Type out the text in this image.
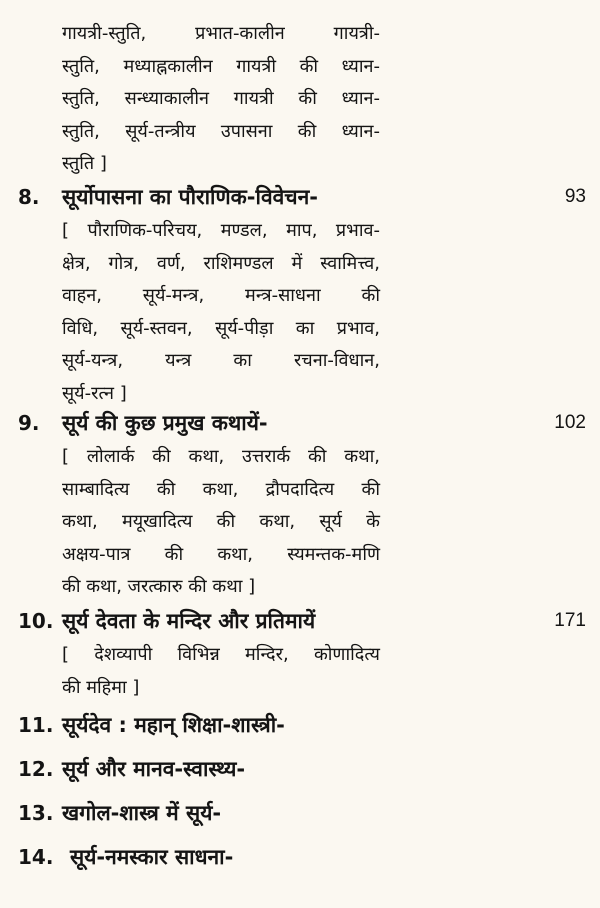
गायत्री-स्तुति, प्रभात-कालीन गायत्री-
स्तुति, मध्याह्नकालीन गायत्री की ध्यान-
स्तुति, सन्ध्याकालीन गायत्री की ध्यान-
स्तुति, सूर्य-तन्त्रीय उपासना की ध्यान-
स्तुति ]
8. सूर्योपासना का पौराणिक-विवेचन-	93
[ पौराणिक-परिचय, मण्डल, माप, प्रभाव-
क्षेत्र, गोत्र, वर्ण, राशिमण्डल में स्वामित्त्व,
वाहन, सूर्य-मन्त्र, मन्त्र-साधना की
विधि, सूर्य-स्तवन, सूर्य-पीड़ा का प्रभाव,
सूर्य-यन्त्र, यन्त्र का रचना-विधान,
सूर्य-रत्न ]
9. सूर्य की कुछ प्रमुख कथायें-	102
[ लोलार्क की कथा, उत्तरार्क की कथा,
साम्बादित्य की कथा, द्रौपदादित्य की
कथा, मयूखादित्य की कथा, सूर्य के
अक्षय-पात्र की कथा, स्यमन्तक-मणि
की कथा, जरत्कारु की कथा ]
10. सूर्य देवता के मन्दिर और प्रतिमायें	171
[ देशव्यापी विभिन्न मन्दिर, कोणादित्य
की महिमा ]
11. सूर्यदेव : महान् शिक्षा-शास्त्री-
12. सूर्य और मानव-स्वास्थ्य-
13. खगोल-शास्त्र में सूर्य-
14. सूर्य-नमस्कार साधना-
